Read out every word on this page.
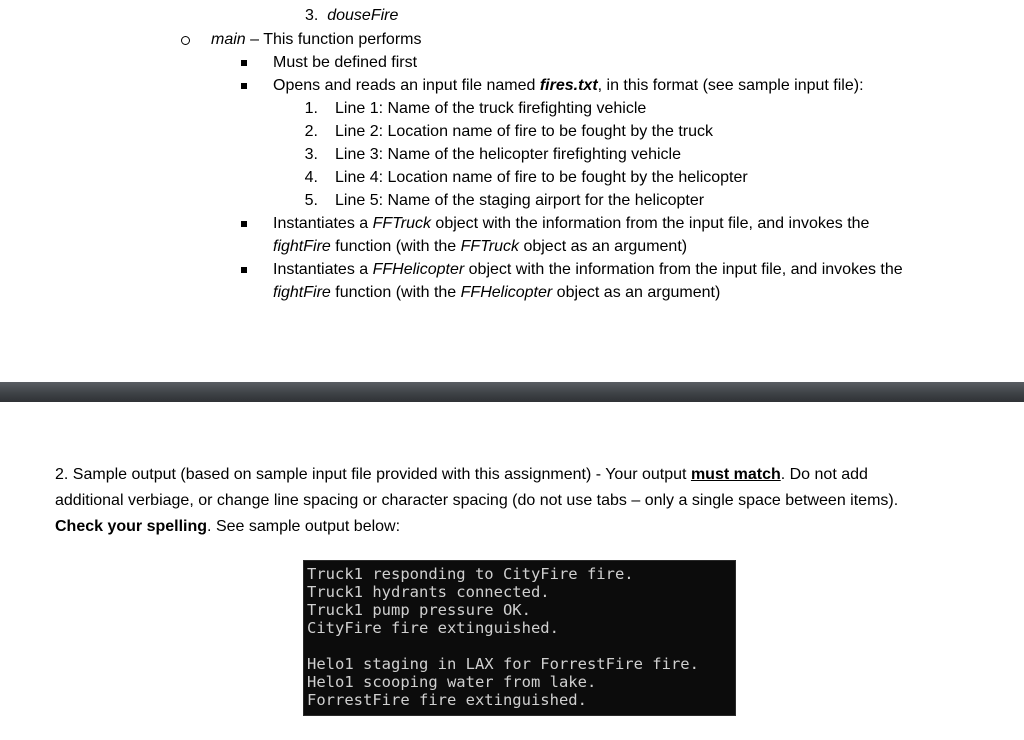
3. douseFire
main – This function performs
Must be defined first
Opens and reads an input file named fires.txt, in this format (see sample input file):
1. Line 1: Name of the truck firefighting vehicle
2. Line 2: Location name of fire to be fought by the truck
3. Line 3: Name of the helicopter firefighting vehicle
4. Line 4: Location name of fire to be fought by the helicopter
5. Line 5: Name of the staging airport for the helicopter
Instantiates a FFTruck object with the information from the input file, and invokes the
fightFire function (with the FFTruck object as an argument)
Instantiates a FFHelicopter object with the information from the input file, and invokes the
fightFire function (with the FFHelicopter object as an argument)
2. Sample output (based on sample input file provided with this assignment) - Your output must match. Do not add
additional verbiage, or change line spacing or character spacing (do not use tabs – only a single space between items).
Check your spelling. See sample output below:
Truck1 responding to CityFire fire.
Truck1 hydrants connected.
Truck1 pump pressure OK.
CityFire fire extinguished.
Helo1 staging in LAX for ForrestFire fire.
Helo1 scooping water from lake.
ForrestFire fire extinguished.
